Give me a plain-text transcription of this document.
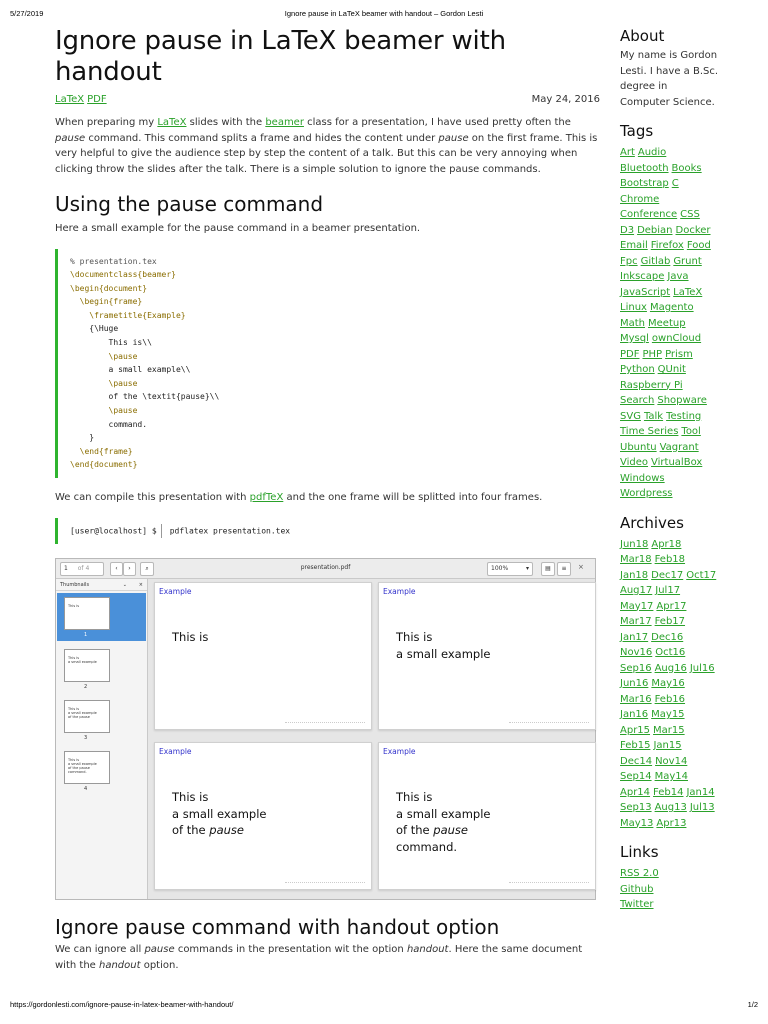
5/27/2019	Ignore pause in LaTeX beamer with handout – Gordon Lesti
Ignore pause in LaTeX beamer with
handout
LaTeX PDF	May 24, 2016

When preparing my LaTeX slides with the beamer class for a presentation, I have used pretty often the pause command. This command splits a frame and hides the content under pause on the first frame. This is very helpful to give the audience step by step the content of a talk. But this can be very annoying when clicking throw the slides after the talk. There is a simple solution to ignore the pause commands.

Using the pause command

Here a small example for the pause command in a beamer presentation.

% presentation.tex
\documentclass{beamer}
\begin{document}
\begin{frame}
\frametitle{Example}
{\Huge
This is\\
\pause
a small example\\
\pause
of the \textit{pause}\\
\pause
command.
}
\end{frame}
\end{document}

We can compile this presentation with pdfTeX and the one frame will be splitted into four frames.

[user@localhost] $ pdflatex presentation.tex
1 of 4	‹	›	⌕	presentation.pdf	100%	▾	▤	≡	×
Thumbnails	⌄ ×
This is
1
This is
a small example
2
This is
a small example
of the pause
3
This is
a small example
of the pause
command.
4
Example
This is
Example
This is
a small example
Example
This is
a small example
of the pause
Example
This is
a small example
of the pause
command.
Ignore pause command with handout option

We can ignore all pause commands in the presentation wit the option handout. Here the same document with the handout option.

About
My name is Gordon Lesti. I have a B.Sc. degree in Computer Science.
Tags
Art Audio
Bluetooth Books
Bootstrap C
Chrome
Conference CSS
D3 Debian Docker
Email Firefox Food
Fpc Gitlab Grunt
Inkscape Java
JavaScript LaTeX
Linux Magento
Math Meetup
Mysql ownCloud
PDF PHP Prism
Python QUnit
Raspberry Pi
Search Shopware
SVG Talk Testing
Time Series Tool
Ubuntu Vagrant
Video VirtualBox
Windows
Wordpress
Archives
Jun18 Apr18
Mar18 Feb18
Jan18 Dec17 Oct17
Aug17 Jul17
May17 Apr17
Mar17 Feb17
Jan17 Dec16
Nov16 Oct16
Sep16 Aug16 Jul16
Jun16 May16
Mar16 Feb16
Jan16 May15
Apr15 Mar15
Feb15 Jan15
Dec14 Nov14
Sep14 May14
Apr14 Feb14 Jan14
Sep13 Aug13 Jul13
May13 Apr13
Links
RSS 2.0
Github
Twitter
https://gordonlesti.com/ignore-pause-in-latex-beamer-with-handout/	1/2
